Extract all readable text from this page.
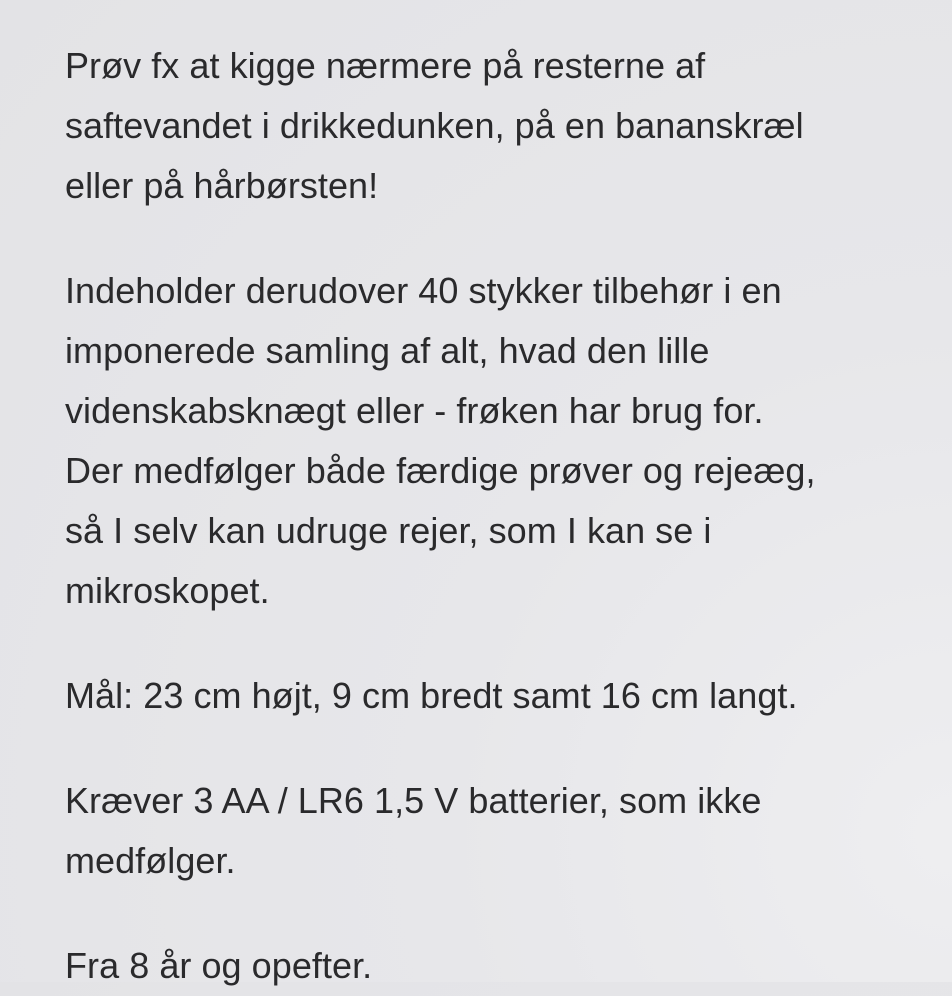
Prøv fx at kigge nærmere på resterne af
saftevandet i drikkedunken, på en bananskræl
eller på hårbørsten!

Indeholder derudover 40 stykker tilbehør i en
imponerede samling af alt, hvad den lille
videnskabsknægt eller - frøken har brug for.
Der medfølger både færdige prøver og rejeæg,
så I selv kan udruge rejer, som I kan se i
mikroskopet.

Mål: 23 cm højt, 9 cm bredt samt 16 cm langt.

Kræver 3 AA / LR6 1,5 V batterier, som ikke
medfølger.

Fra 8 år og opefter.
